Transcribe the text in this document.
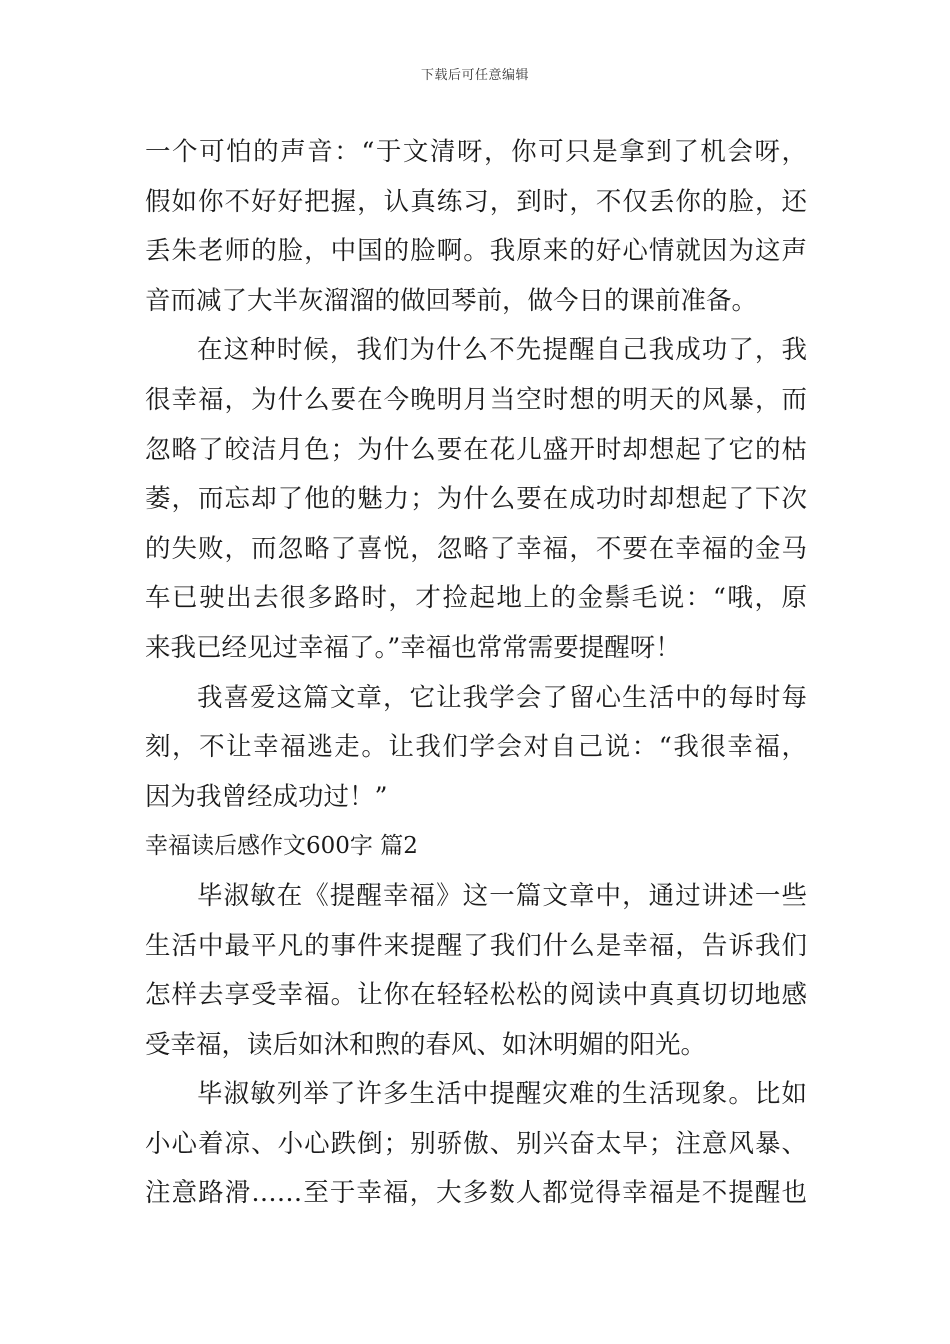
下载后可任意编辑
一个可怕的声音：“于文清呀，你可只是拿到了机会呀，
假如你不好好把握，认真练习，到时，不仅丢你的脸，还
丢朱老师的脸，中国的脸啊。我原来的好心情就因为这声
音而减了大半灰溜溜的做回琴前，做今日的课前准备。
在这种时候，我们为什么不先提醒自己我成功了，我
很幸福，为什么要在今晚明月当空时想的明天的风暴，而
忽略了皎洁月色；为什么要在花儿盛开时却想起了它的枯
萎，而忘却了他的魅力；为什么要在成功时却想起了下次
的失败，而忽略了喜悦，忽略了幸福，不要在幸福的金马
车已驶出去很多路时，才捡起地上的金鬃毛说：“哦，原
来我已经见过幸福了。”幸福也常常需要提醒呀！
我喜爱这篇文章，它让我学会了留心生活中的每时每
刻，不让幸福逃走。让我们学会对自己说：“我很幸福，
因为我曾经成功过！”
幸福读后感作文600字 篇2
毕淑敏在《提醒幸福》这一篇文章中，通过讲述一些
生活中最平凡的事件来提醒了我们什么是幸福，告诉我们
怎样去享受幸福。让你在轻轻松松的阅读中真真切切地感
受幸福，读后如沐和煦的春风、如沐明媚的阳光。
毕淑敏列举了许多生活中提醒灾难的生活现象。比如
小心着凉、小心跌倒；别骄傲、别兴奋太早；注意风暴、
注意路滑……至于幸福，大多数人都觉得幸福是不提醒也
